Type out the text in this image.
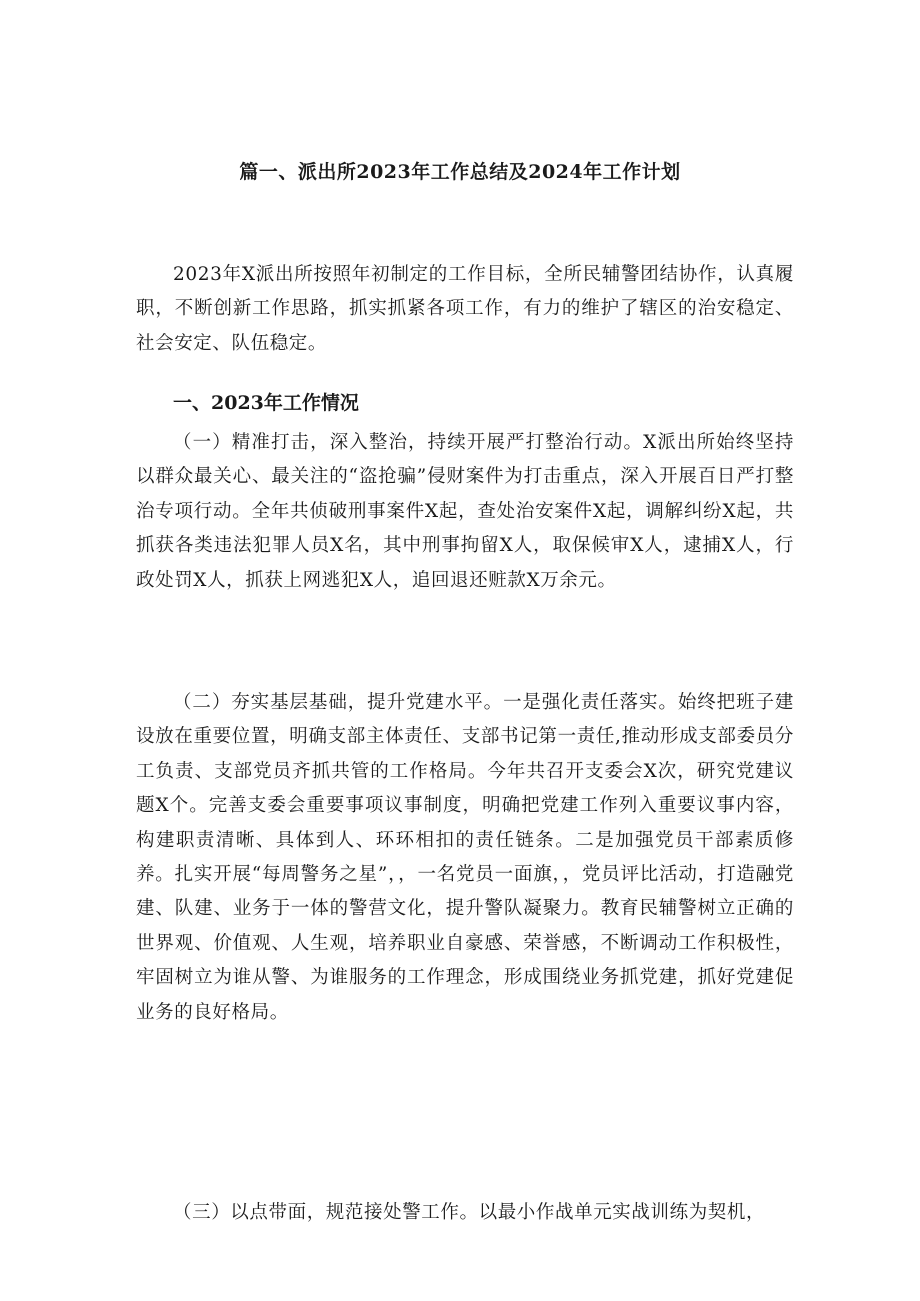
篇一、派出所2023年工作总结及2024年工作计划

2023年X派出所按照年初制定的工作目标，全所民辅警团结协作，认真履职，不断创新工作思路，抓实抓紧各项工作，有力的维护了辖区的治安稳定、社会安定、队伍稳定。

一、2023年工作情况

（一）精准打击，深入整治，持续开展严打整治行动。X派出所始终坚持以群众最关心、最关注的“盗抢骗”侵财案件为打击重点，深入开展百日严打整治专项行动。全年共侦破刑事案件X起，查处治安案件X起，调解纠纷X起，共抓获各类违法犯罪人员X名，其中刑事拘留X人，取保候审X人，逮捕X人，行政处罚X人，抓获上网逃犯X人，追回退还赃款X万余元。

（二）夯实基层基础，提升党建水平。一是强化责任落实。始终把班子建设放在重要位置，明确支部主体责任、支部书记第一责任,推动形成支部委员分工负责、支部党员齐抓共管的工作格局。今年共召开支委会X次，研究党建议题X个。完善支委会重要事项议事制度，明确把党建工作列入重要议事内容，构建职责清晰、具体到人、环环相扣的责任链条。二是加强党员干部素质修养。扎实开展“每周警务之星”，，一名党员一面旗，，党员评比活动，打造融党建、队建、业务于一体的警营文化，提升警队凝聚力。教育民辅警树立正确的世界观、价值观、人生观，培养职业自豪感、荣誉感，不断调动工作积极性，牢固树立为谁从警、为谁服务的工作理念，形成围绕业务抓党建，抓好党建促业务的良好格局。

（三）以点带面，规范接处警工作。以最小作战单元实战训练为契机，
